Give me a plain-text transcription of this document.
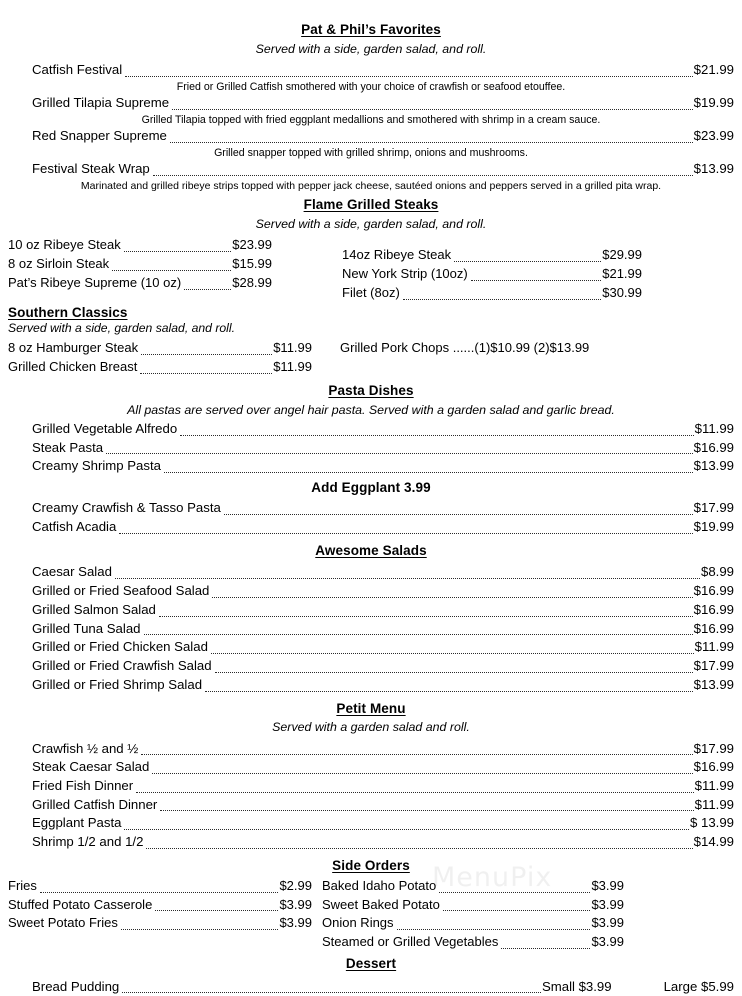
Pat & Phil’s Favorites
Served with a side, garden salad, and roll.
Catfish Festival	$21.99
Fried or Grilled Catfish smothered with your choice of crawfish or seafood etouffee.
Grilled Tilapia Supreme	$19.99
Grilled Tilapia topped with fried eggplant medallions and smothered with shrimp in a cream sauce.
Red Snapper Supreme	$23.99
Grilled snapper topped with grilled shrimp, onions and mushrooms.
Festival Steak Wrap	$13.99
Marinated and grilled ribeye strips topped with pepper jack cheese, sautéed onions and peppers served in a grilled pita wrap.
Flame Grilled Steaks
Served with a side, garden salad, and roll.
10 oz Ribeye Steak	$23.99
8 oz Sirloin Steak	$15.99
Pat’s Ribeye Supreme (10 oz)	$28.99
14oz Ribeye Steak	$29.99
New York Strip (10oz)	$21.99
Filet (8oz)	$30.99
Southern Classics
Served with a side, garden salad, and roll.
8 oz Hamburger Steak	$11.99
Grilled Chicken Breast	$11.99
Grilled Pork Chops ......(1)$10.99 (2)$13.99
Pasta Dishes
All pastas are served over angel hair pasta. Served with a garden salad and garlic bread.
Grilled Vegetable Alfredo	$11.99
Steak Pasta	$16.99
Creamy Shrimp Pasta	$13.99
Add Eggplant 3.99
Creamy Crawfish & Tasso Pasta	$17.99
Catfish Acadia	$19.99
Awesome Salads
Caesar Salad	$8.99
Grilled or Fried Seafood Salad	$16.99
Grilled Salmon Salad	$16.99
Grilled Tuna Salad	$16.99
Grilled or Fried Chicken Salad	$11.99
Grilled or Fried Crawfish Salad	$17.99
Grilled or Fried Shrimp Salad	$13.99
Petit Menu
Served with a garden salad and roll.
Crawfish ½ and ½	$17.99
Steak Caesar Salad	$16.99
Fried Fish Dinner	$11.99
Grilled Catfish Dinner	$11.99
Eggplant Pasta	$ 13.99
Shrimp 1/2 and 1/2	$14.99
Side Orders
Fries	$2.99
Stuffed Potato Casserole	$3.99
Sweet Potato Fries	$3.99
Baked Idaho Potato	$3.99
Sweet Baked Potato	$3.99
Onion Rings	$3.99
Steamed or Grilled Vegetables	$3.99
Dessert
Bread Pudding	Small $3.99	Large $5.99
MenuPix
